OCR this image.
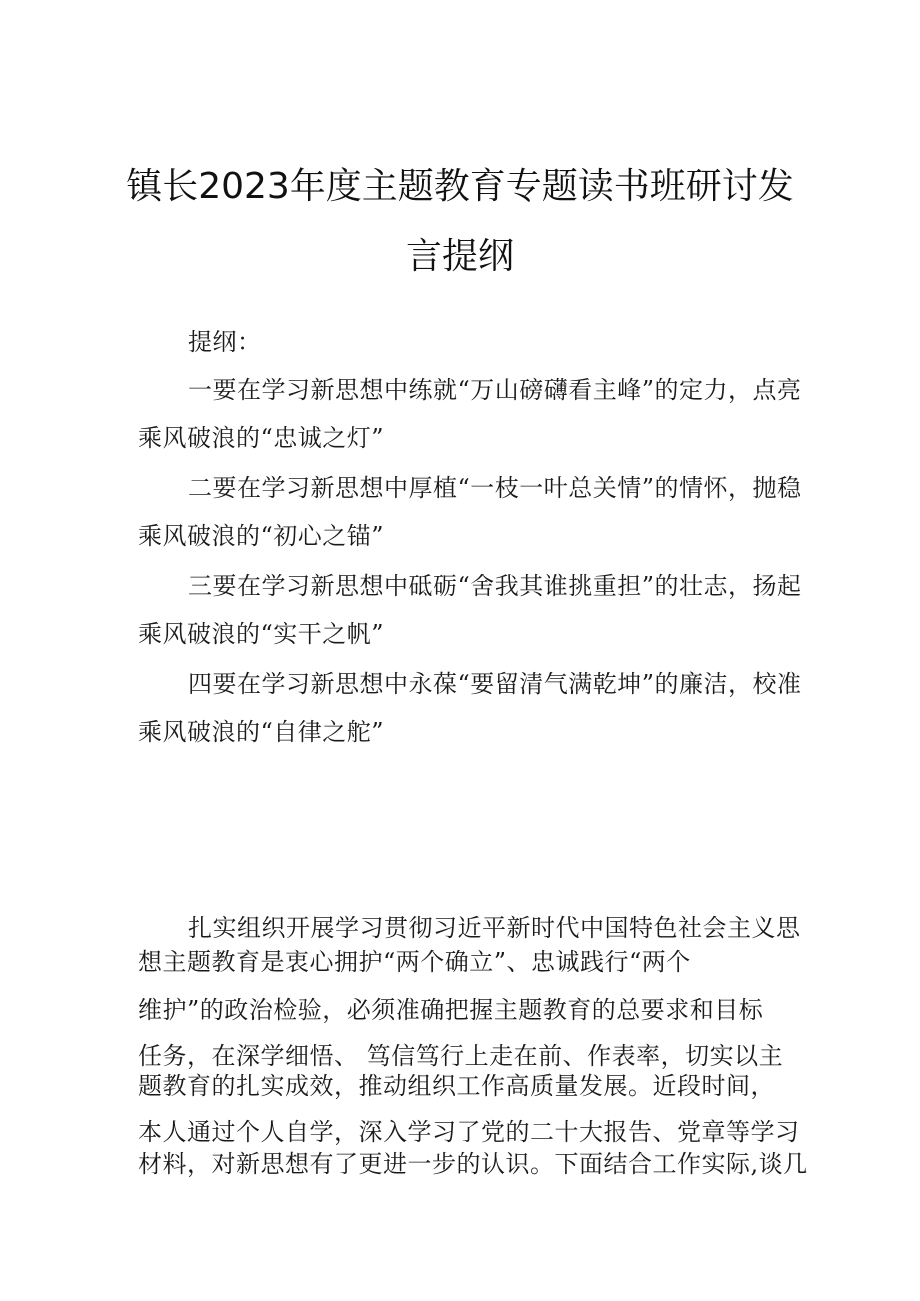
镇长2023年度主题教育专题读书班研讨发
言提纲
提纲：
一要在学习新思想中练就“万山磅礴看主峰”的定力，点亮
乘风破浪的“忠诚之灯”
二要在学习新思想中厚植“一枝一叶总关情”的情怀，抛稳
乘风破浪的“初心之锚”
三要在学习新思想中砥砺“舍我其谁挑重担”的壮志，扬起
乘风破浪的“实干之帆”
四要在学习新思想中永葆“要留清气满乾坤”的廉洁，校准
乘风破浪的“自律之舵”
扎实组织开展学习贯彻习近平新时代中国特色社会主义思
想主题教育是衷心拥护“两个确立”、忠诚践行“两个
维护”的政治检验，必须准确把握主题教育的总要求和目标
任务，在深学细悟、 笃信笃行上走在前、作表率，切实以主
题教育的扎实成效，推动组织工作高质量发展。近段时间，
本人通过个人自学，深入学习了党的二十大报告、党章等学习
材料，对新思想有了更进一步的认识。下面结合工作实际,谈几
